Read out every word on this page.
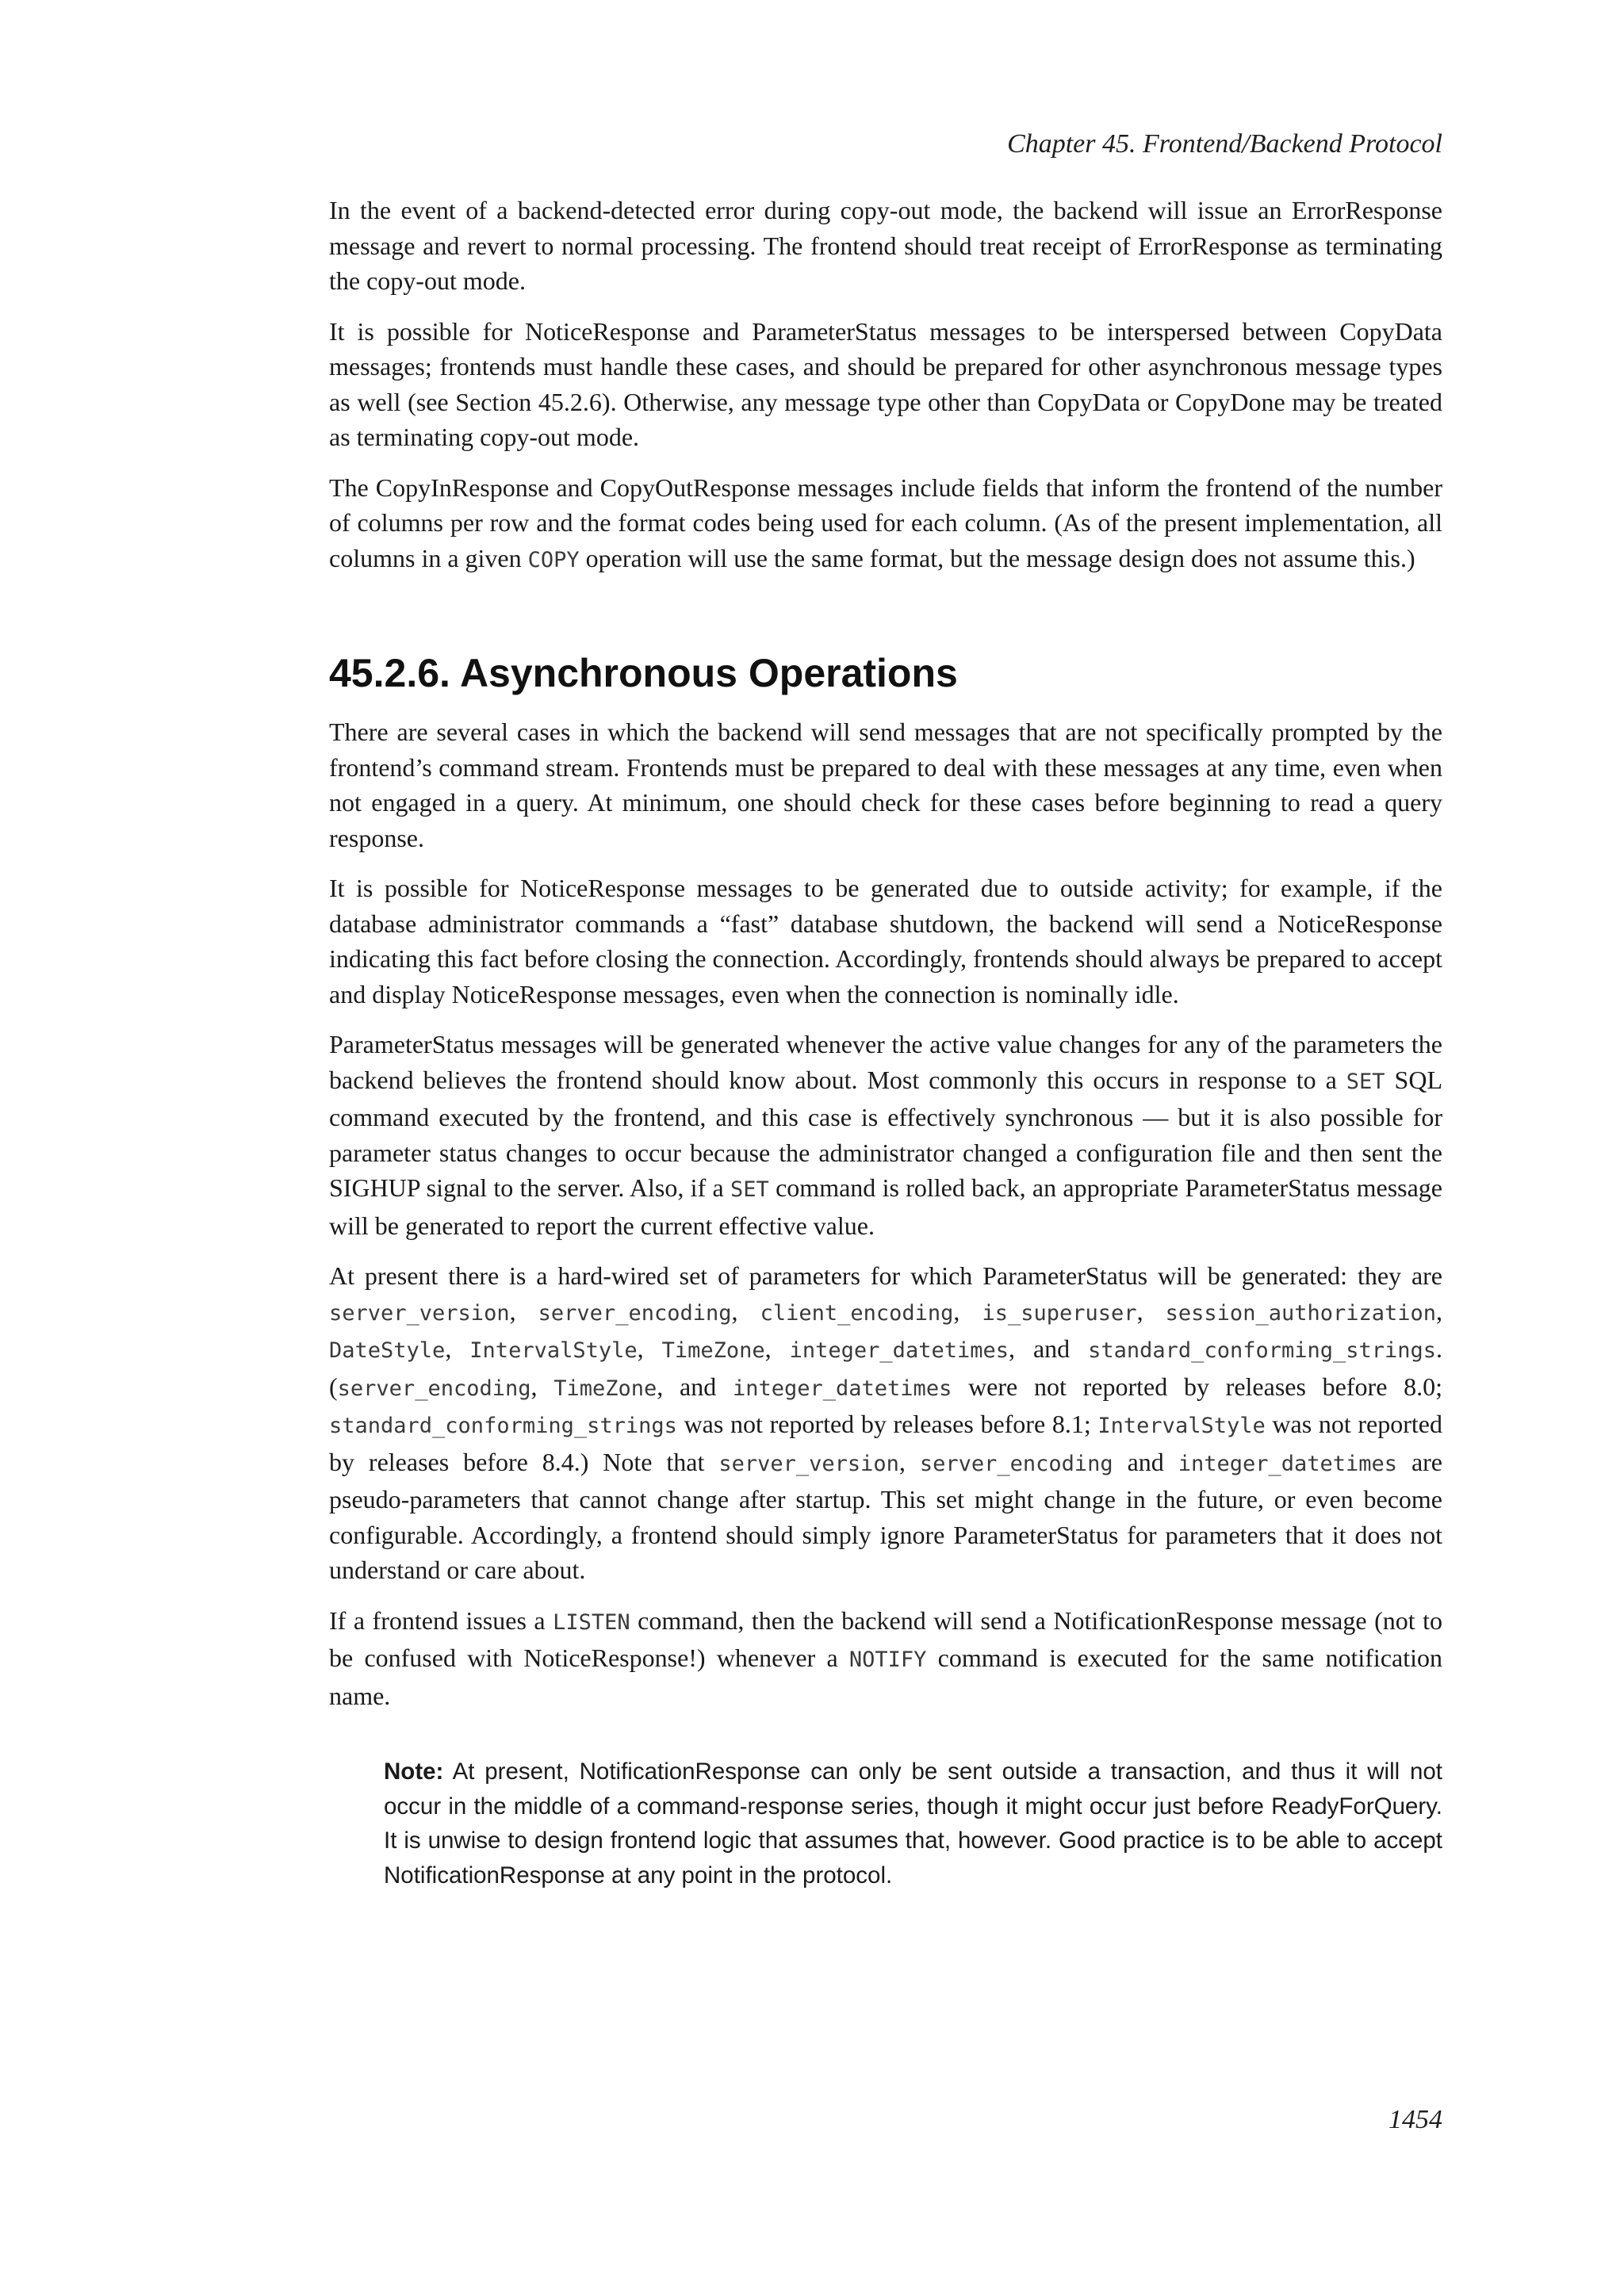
Chapter 45. Frontend/Backend Protocol

In the event of a backend-detected error during copy-out mode, the backend will issue an ErrorResponse message and revert to normal processing. The frontend should treat receipt of ErrorResponse as terminating the copy-out mode.

It is possible for NoticeResponse and ParameterStatus messages to be interspersed between CopyData messages; frontends must handle these cases, and should be prepared for other asynchronous message types as well (see Section 45.2.6). Otherwise, any message type other than CopyData or CopyDone may be treated as terminating copy-out mode.

The CopyInResponse and CopyOutResponse messages include fields that inform the frontend of the number of columns per row and the format codes being used for each column. (As of the present implementation, all columns in a given COPY operation will use the same format, but the message design does not assume this.)

45.2.6. Asynchronous Operations

There are several cases in which the backend will send messages that are not specifically prompted by the frontend’s command stream. Frontends must be prepared to deal with these messages at any time, even when not engaged in a query. At minimum, one should check for these cases before beginning to read a query response.

It is possible for NoticeResponse messages to be generated due to outside activity; for example, if the database administrator commands a “fast” database shutdown, the backend will send a NoticeResponse indicating this fact before closing the connection. Accordingly, frontends should always be prepared to accept and display NoticeResponse messages, even when the connection is nominally idle.

ParameterStatus messages will be generated whenever the active value changes for any of the parameters the backend believes the frontend should know about. Most commonly this occurs in response to a SET SQL command executed by the frontend, and this case is effectively synchronous — but it is also possible for parameter status changes to occur because the administrator changed a configuration file and then sent the SIGHUP signal to the server. Also, if a SET command is rolled back, an appropriate ParameterStatus message will be generated to report the current effective value.

At present there is a hard-wired set of parameters for which ParameterStatus will be generated: they are server_version, server_encoding, client_encoding, is_superuser, session_authorization, DateStyle, IntervalStyle, TimeZone, integer_datetimes, and standard_conforming_strings. (server_encoding, TimeZone, and integer_datetimes were not reported by releases before 8.0; standard_conforming_strings was not reported by releases before 8.1; IntervalStyle was not reported by releases before 8.4.) Note that server_version, server_encoding and integer_datetimes are pseudo-parameters that cannot change after startup. This set might change in the future, or even become configurable. Accordingly, a frontend should simply ignore ParameterStatus for parameters that it does not understand or care about.

If a frontend issues a LISTEN command, then the backend will send a NotificationResponse message (not to be confused with NoticeResponse!) whenever a NOTIFY command is executed for the same notification name.

Note: At present, NotificationResponse can only be sent outside a transaction, and thus it will not occur in the middle of a command-response series, though it might occur just before ReadyForQuery. It is unwise to design frontend logic that assumes that, however. Good practice is to be able to accept NotificationResponse at any point in the protocol.
1454
